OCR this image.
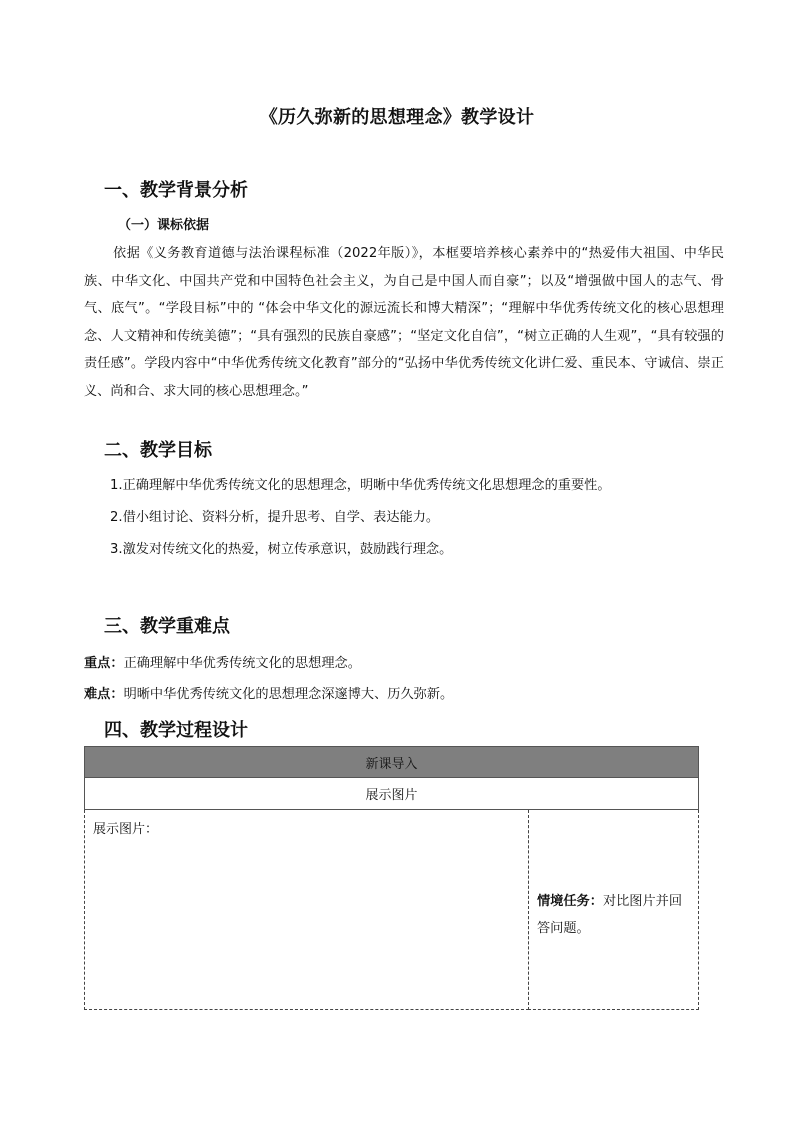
《历久弥新的思想理念》教学设计
一、教学背景分析
（一）课标依据
依据《义务教育道德与法治课程标准（2022年版）》，本框要培养核心素养中的“热爱伟大祖国、中华民族、中华文化、中国共产党和中国特色社会主义，为自己是中国人而自豪”；以及“增强做中国人的志气、骨气、底气”。“学段目标”中的 “体会中华文化的源远流长和博大精深”；“理解中华优秀传统文化的核心思想理念、人文精神和传统美德”；“具有强烈的民族自豪感”；“坚定文化自信”，“树立正确的人生观”，“具有较强的责任感”。学段内容中“中华优秀传统文化教育”部分的“弘扬中华优秀传统文化讲仁爱、重民本、守诚信、崇正义、尚和合、求大同的核心思想理念。”
二、教学目标
1.正确理解中华优秀传统文化的思想理念，明晰中华优秀传统文化思想理念的重要性。
2.借小组讨论、资料分析，提升思考、自学、表达能力。
3.激发对传统文化的热爱，树立传承意识，鼓励践行理念。
三、教学重难点
重点：正确理解中华优秀传统文化的思想理念。
难点：明晰中华优秀传统文化的思想理念深邃博大、历久弥新。
四、教学过程设计
新课导入
展示图片
展示图片：
情境任务：对比图片并回答问题。
